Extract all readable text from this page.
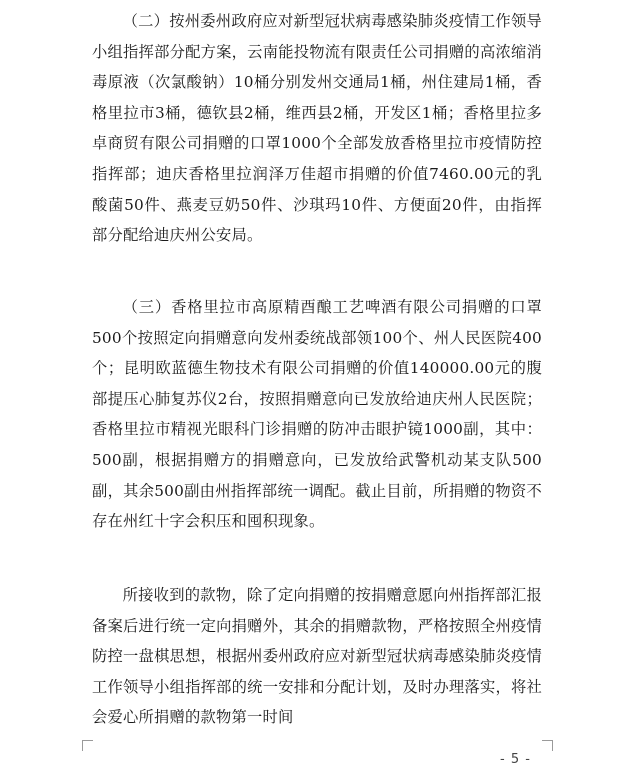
（二）按州委州政府应对新型冠状病毒感染肺炎疫情工作领导小组指挥部分配方案，云南能投物流有限责任公司捐赠的高浓缩消毒原液（次氯酸钠）10桶分别发州交通局1桶，州住建局1桶，香格里拉市3桶，德钦县2桶，维西县2桶，开发区1桶；香格里拉多卓商贸有限公司捐赠的口罩1000个全部发放香格里拉市疫情防控指挥部；迪庆香格里拉润泽万佳超市捐赠的价值7460.00元的乳酸菌50件、燕麦豆奶50件、沙琪玛10件、方便面20件，由指挥部分配给迪庆州公安局。

（三）香格里拉市高原精酉酿工艺啤酒有限公司捐赠的口罩500个按照定向捐赠意向发州委统战部领100个、州人民医院400个；昆明欧蓝德生物技术有限公司捐赠的价值140000.00元的腹部提压心肺复苏仪2台，按照捐赠意向已发放给迪庆州人民医院；香格里拉市精视光眼科门诊捐赠的防冲击眼护镜1000副，其中：500副，根据捐赠方的捐赠意向，已发放给武警机动某支队500副，其余500副由州指挥部统一调配。截止目前，所捐赠的物资不存在州红十字会积压和囤积现象。

所接收到的款物，除了定向捐赠的按捐赠意愿向州指挥部汇报备案后进行统一定向捐赠外，其余的捐赠款物，严格按照全州疫情防控一盘棋思想，根据州委州政府应对新型冠状病毒感染肺炎疫情工作领导小组指挥部的统一安排和分配计划，及时办理落实，将社会爱心所捐赠的款物第一时间

- 5 -
